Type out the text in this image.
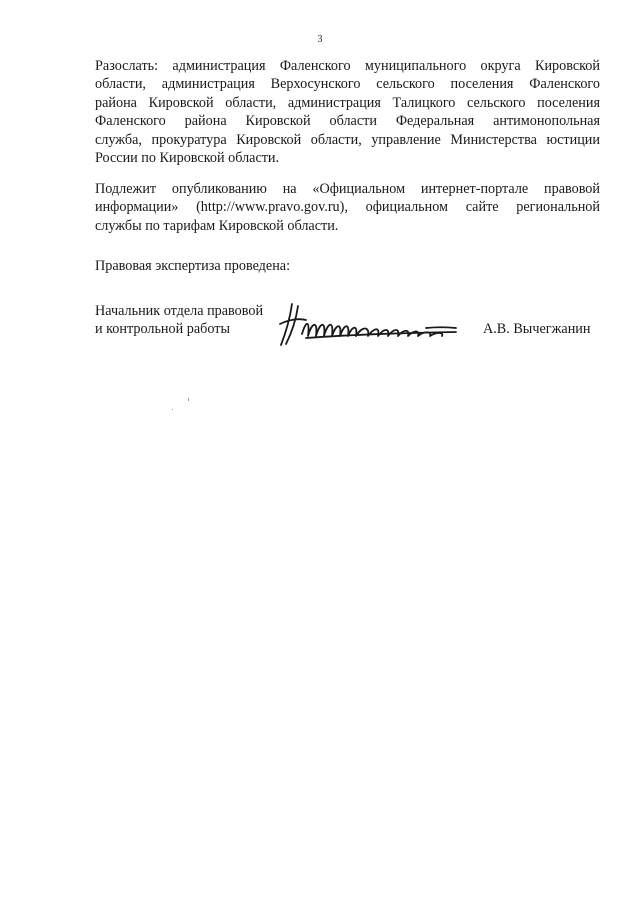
3

Разослать: администрация Фаленского муниципального округа Кировской
области, администрация Верхосунского сельского поселения Фаленского
района Кировской области, администрация Талицкого сельского поселения
Фаленского района Кировской области Федеральная антимонопольная
служба, прокуратура Кировской области, управление Министерства юстиции
России по Кировской области.

Подлежит опубликованию на «Официальном интернет-портале правовой
информации» (http://www.pravo.gov.ru), официальном сайте региональной
службы по тарифам Кировской области.

Правовая экспертиза проведена:

Начальник отдела правовой
и контрольной работы	А.В. Вычегжанин
